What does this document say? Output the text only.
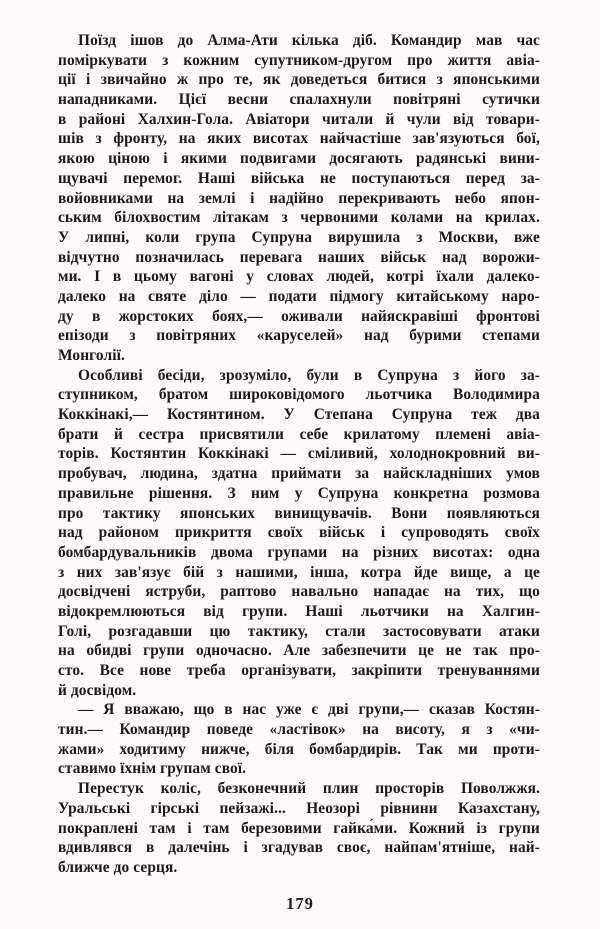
Поїзд ішов до Алма-Ати кілька діб. Командир мав час
поміркувати з кожним супутником-другом про життя авіа-
ції і звичайно ж про те, як доведеться битися з японськими
нападниками. Цієї весни спалахнули повітряні сутички
в районі Халхин-Гола. Авіатори читали й чули від товари-
шів з фронту, на яких висотах найчастіше зав'язуються бої,
якою ціною і якими подвигами досягають радянські вини-
щувачі перемог. Наші війська не поступаються перед за-
войовниками на землі і надійно перекривають небо япон-
ським білохвостим літакам з червоними колами на крилах.
У липні, коли група Супруна вирушила з Москви, вже
відчутно позначилась перевага наших військ над ворожи-
ми. І в цьому вагоні у словах людей, котрі їхали далеко-
далеко на святе діло — подати підмогу китайському наро-
ду в жорстоких боях,— оживали найяскравіші фронтові
епізоди з повітряних «каруселей» над бурими степами
Монголії.
Особливі бесіди, зрозуміло, були в Супруна з його за-
ступником, братом широковідомого льотчика Володимира
Коккінакі,— Костянтином. У Степана Супруна теж два
брати й сестра присвятили себе крилатому племені авіа-
торів. Костянтин Коккінакі — сміливий, холоднокровний ви-
пробувач, людина, здатна приймати за найскладніших умов
правильне рішення. З ним у Супруна конкретна розмова
про тактику японських винищувачів. Вони появляються
над районом прикриття своїх військ і супроводять своїх
бомбардувальників двома групами на різних висотах: одна
з них зав'язує бій з нашими, інша, котра йде вище, а це
досвідчені яструби, раптово навально нападає на тих, що
відокремлюються від групи. Наші льотчики на Халгин-
Голі, розгадавши цю тактику, стали застосовувати атаки
на обидві групи одночасно. Але забезпечити це не так про-
сто. Все нове треба організувати, закріпити тренуваннями
й досвідом.
— Я вважаю, що в нас уже є дві групи,— сказав Костян-
тин.— Командир поведе «ластівок» на висоту, я з «чи-
жами» ходитиму нижче, біля бомбардирів. Так ми проти-
ставимо їхнім групам свої.
Перестук коліс, безконечний плин просторів Поволжжя.
Уральські гірські пейзажі... Неозорі рівнини Казахстану,
покраплені там і там березовими гайка́ми. Кожний із групи
вдивлявся в далечінь і згадував своє, найпам'ятніше, най-
ближче до серця.
179
